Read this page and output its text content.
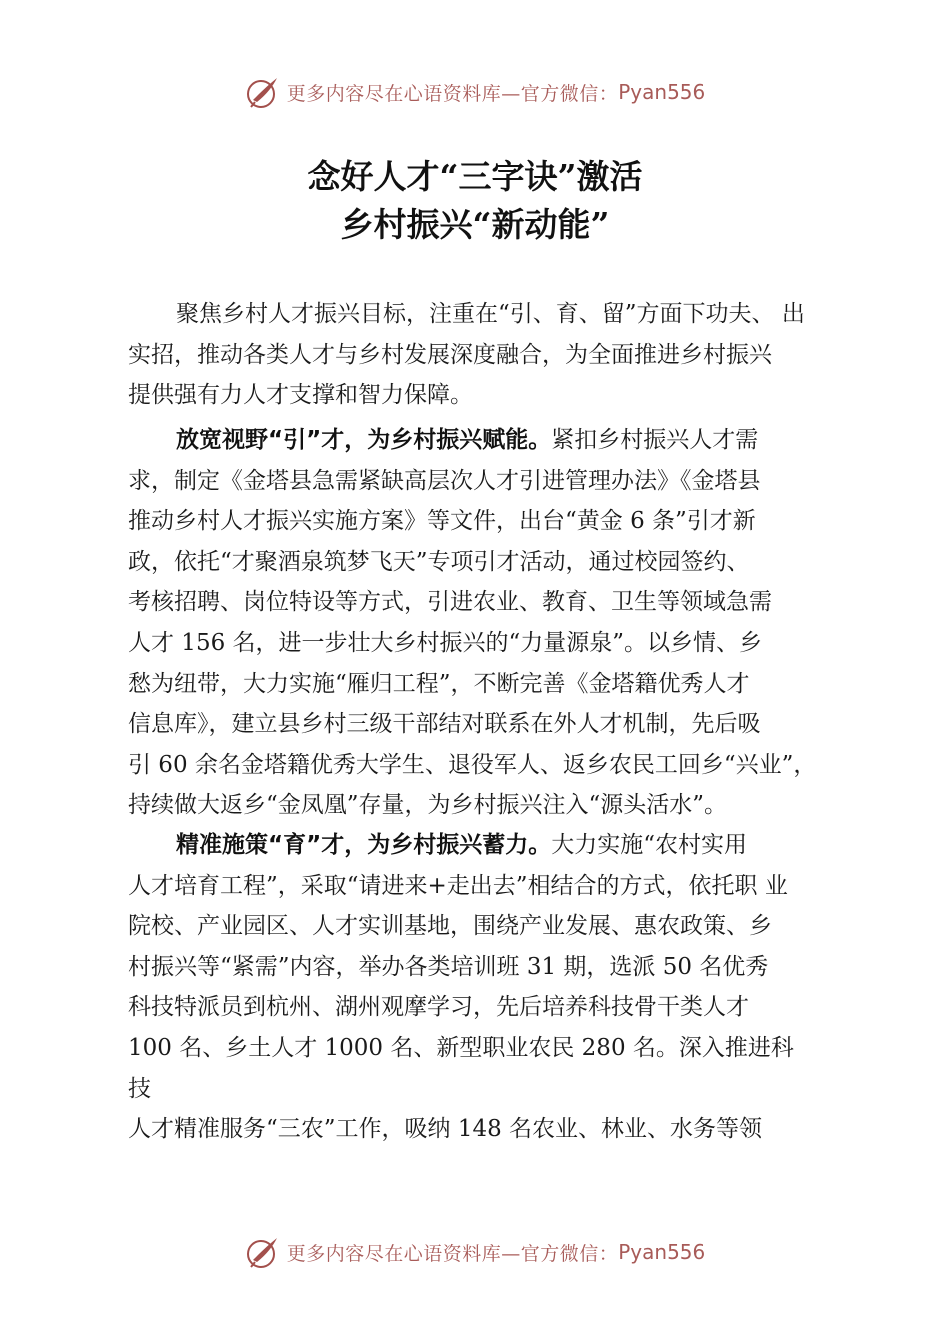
更多内容尽在心语资料库—官方微信： Pyan556
念好人才“三字诀”激活
乡村振兴“新动能”
聚焦乡村人才振兴目标，注重在“引、育、留”方面下功夫、 出
实招，推动各类人才与乡村发展深度融合，为全面推进乡村振兴
提供强有力人才支撑和智力保障。
放宽视野“引”才，为乡村振兴赋能。紧扣乡村振兴人才需
求，制定《金塔县急需紧缺高层次人才引进管理办法》《金塔县
推动乡村人才振兴实施方案》等文件，出台“黄金 6 条”引才新
政，依托“才聚酒泉筑梦飞天”专项引才活动，通过校园签约、
考核招聘、岗位特设等方式，引进农业、教育、卫生等领域急需
人才 156 名，进一步壮大乡村振兴的“力量源泉”。以乡情、乡
愁为纽带，大力实施“雁归工程”，不断完善《金塔籍优秀人才
信息库》，建立县乡村三级干部结对联系在外人才机制，先后吸
引 60 余名金塔籍优秀大学生、退役军人、返乡农民工回乡“兴业”，
持续做大返乡“金凤凰”存量，为乡村振兴注入“源头活水”。
精准施策“育”才，为乡村振兴蓄力。大力实施“农村实用
人才培育工程”，采取“请进来+走出去”相结合的方式，依托职 业
院校、产业园区、人才实训基地，围绕产业发展、惠农政策、乡
村振兴等“紧需”内容，举办各类培训班 31 期，选派 50 名优秀
科技特派员到杭州、湖州观摩学习，先后培养科技骨干类人才
100 名、乡土人才 1000 名、新型职业农民 280 名。深入推进科
技
人才精准服务“三农”工作，吸纳 148 名农业、林业、水务等领
更多内容尽在心语资料库—官方微信： Pyan556
